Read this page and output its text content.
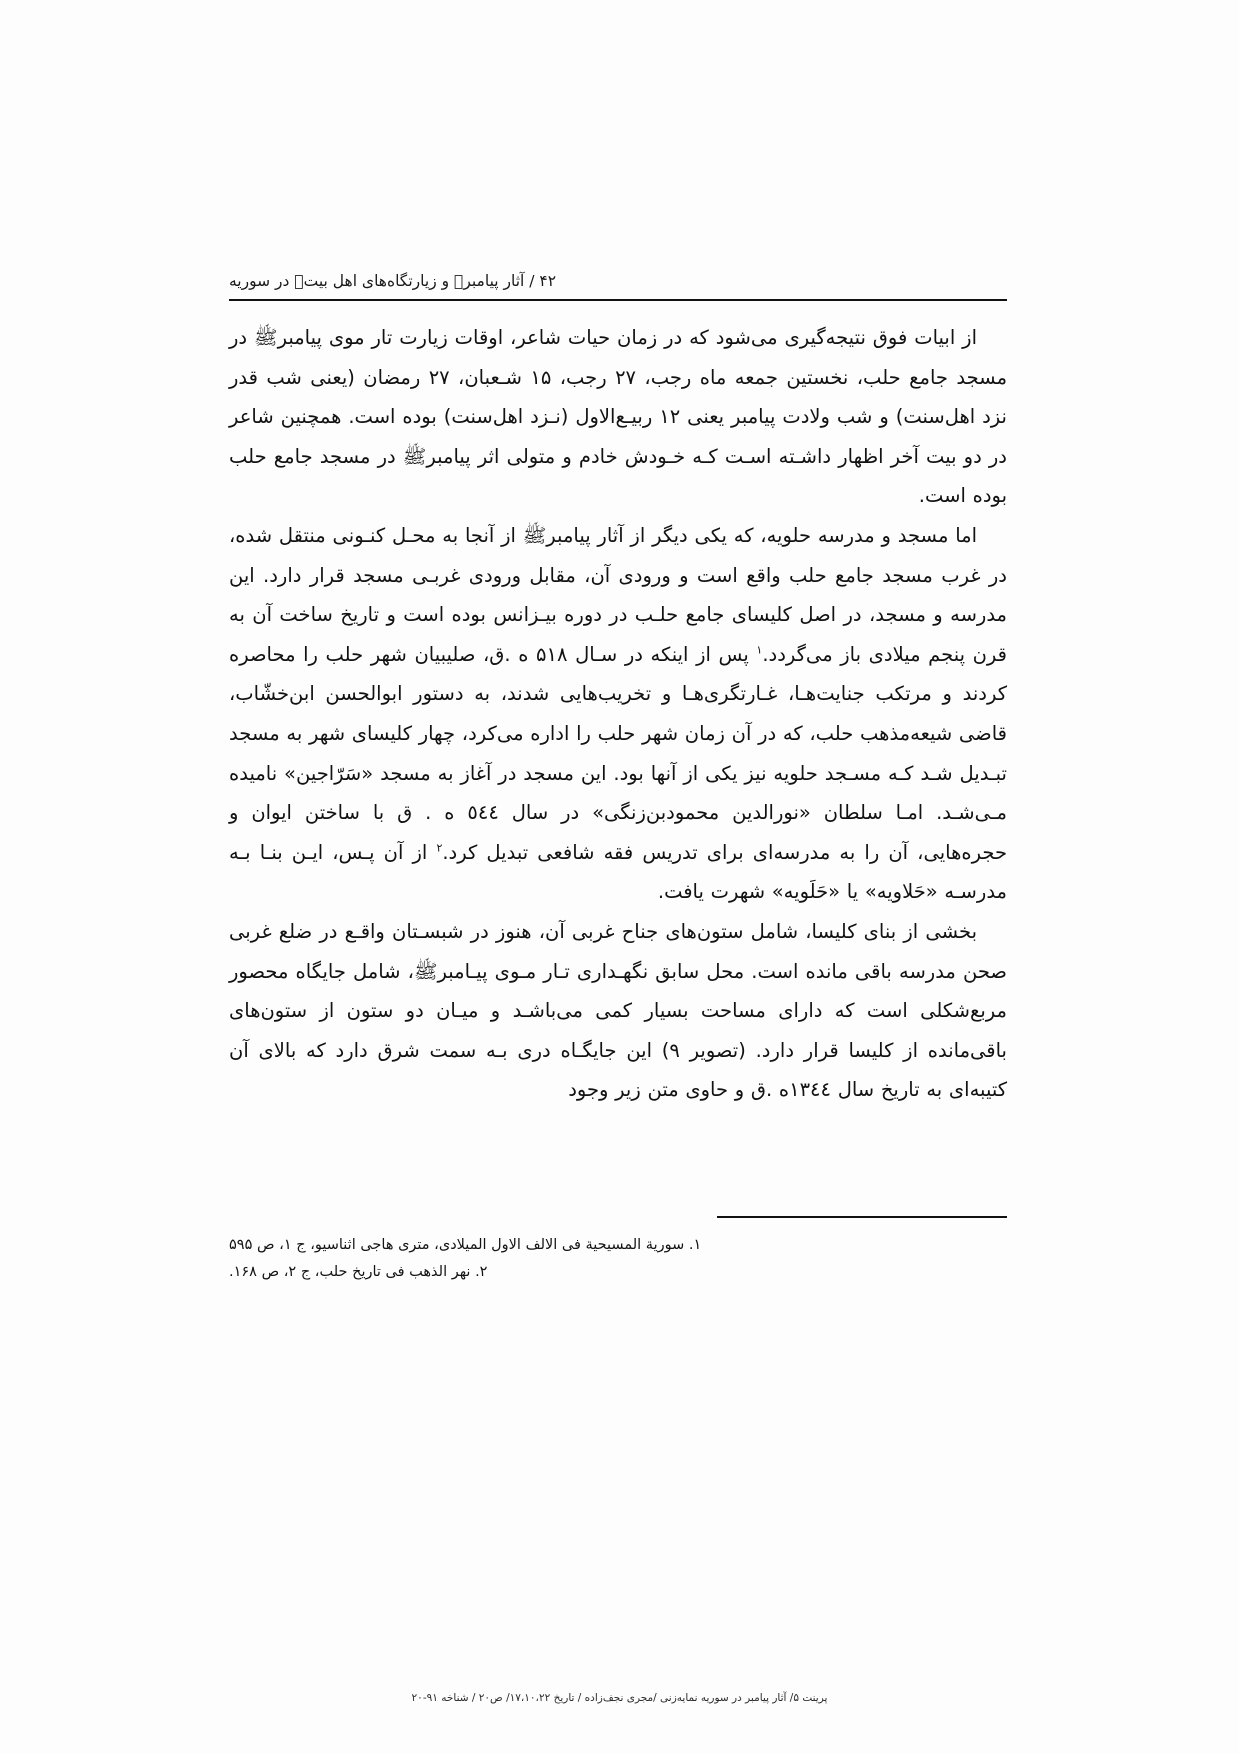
۴۲ / آثار پیامبرﷺ و زیارتگاه‌های اهل بیتؑ در سوریه

از ابیات فوق نتیجه‌گیری می‌شود که در زمان حیات شاعر، اوقات زیارت تار موی پیامبرﷺ در مسجد جامع حلب، نخستین جمعه ماه رجب، ۲۷ رجب، ۱۵ شـعبان، ۲۷ رمضان (یعنی شب قدر نزد اهل‌سنت) و شب ولادت پیامبر یعنی ۱۲ ربیـع‌الاول (نـزد اهل‌سنت) بوده است. همچنین شاعر در دو بیت آخر اظهار داشـته اسـت کـه خـودش خادم و متولی اثر پیامبرﷺ در مسجد جامع حلب بوده است.

اما مسجد و مدرسه حلویه، که یکی دیگر از آثار پیامبرﷺ از آنجا به محـل کنـونی منتقل شده، در غرب مسجد جامع حلب واقع است و ورودی آن، مقابل ورودی غربـی مسجد قرار دارد. این مدرسه و مسجد، در اصل کلیسای جامع حلـب در دوره بیـزانس بوده است و تاریخ ساخت آن به قرن پنجم میلادی باز می‌گردد.$^۱$ پس از اینکه در سـال ۵۱۸ ه .ق، صلیبیان شهر حلب را محاصره کردند و مرتکب جنایت‌هـا، غـارتگری‌هـا و تخریب‌هایی شدند، به دستور ابوالحسن ابن‌خشّاب، قاضی شیعه‌مذهب حلب، که در آن زمان شهر حلب را اداره می‌کرد، چهار کلیسای شهر به مسجد تبـدیل شـد کـه مسـجد حلویه نیز یکی از آنها بود. این مسجد در آغاز به مسجد «سَرّاجین» نامیده مـی‌شـد. امـا سلطان «نورالدین محمودبن‌زنگی» در سال ٥٤٤ ه . ق با ساختن ایوان و حجره‌هایی، آن را به مدرسه‌ای برای تدریس فقه شافعی تبدیل کرد.$^۲$ از آن پـس، ایـن بنـا بـه مدرسـه «حَلاویه» یا «حَلَویه» شهرت یافت.

بخشی از بنای کلیسا، شامل ستون‌های جناح غربی آن، هنوز در شبسـتان واقـع در ضلع غربی صحن مدرسه باقی مانده است. محل سابق نگهـداری تـار مـوی پیـامبرﷺ، شامل جایگاه محصور مربع‌شکلی است که دارای مساحت بسیار کمی می‌باشـد و میـان دو ستون از ستون‌های باقی‌مانده از کلیسا قرار دارد. (تصویر ۹) این جایگـاه دری بـه سمت شرق دارد که بالای آن کتیبه‌ای به تاریخ سال ۱۳٤٤ه .ق و حاوی متن زیر وجود

۱. سوریة المسیحیة فی الالف الاول المیلادی، متری هاجی اثناسیو، ج ۱، ص ۵۹۵
۲. نهر الذهب فی تاریخ حلب، ج ۲، ص ۱۶۸.
پرینت ۵/ آثار پیامبر در سوریه نمایه‌زنی /مجری نجف‌زاده / تاریخ ۱۷،۱۰،۲۲/ ص۲۰ / شناخه ۹۱-۲۰
